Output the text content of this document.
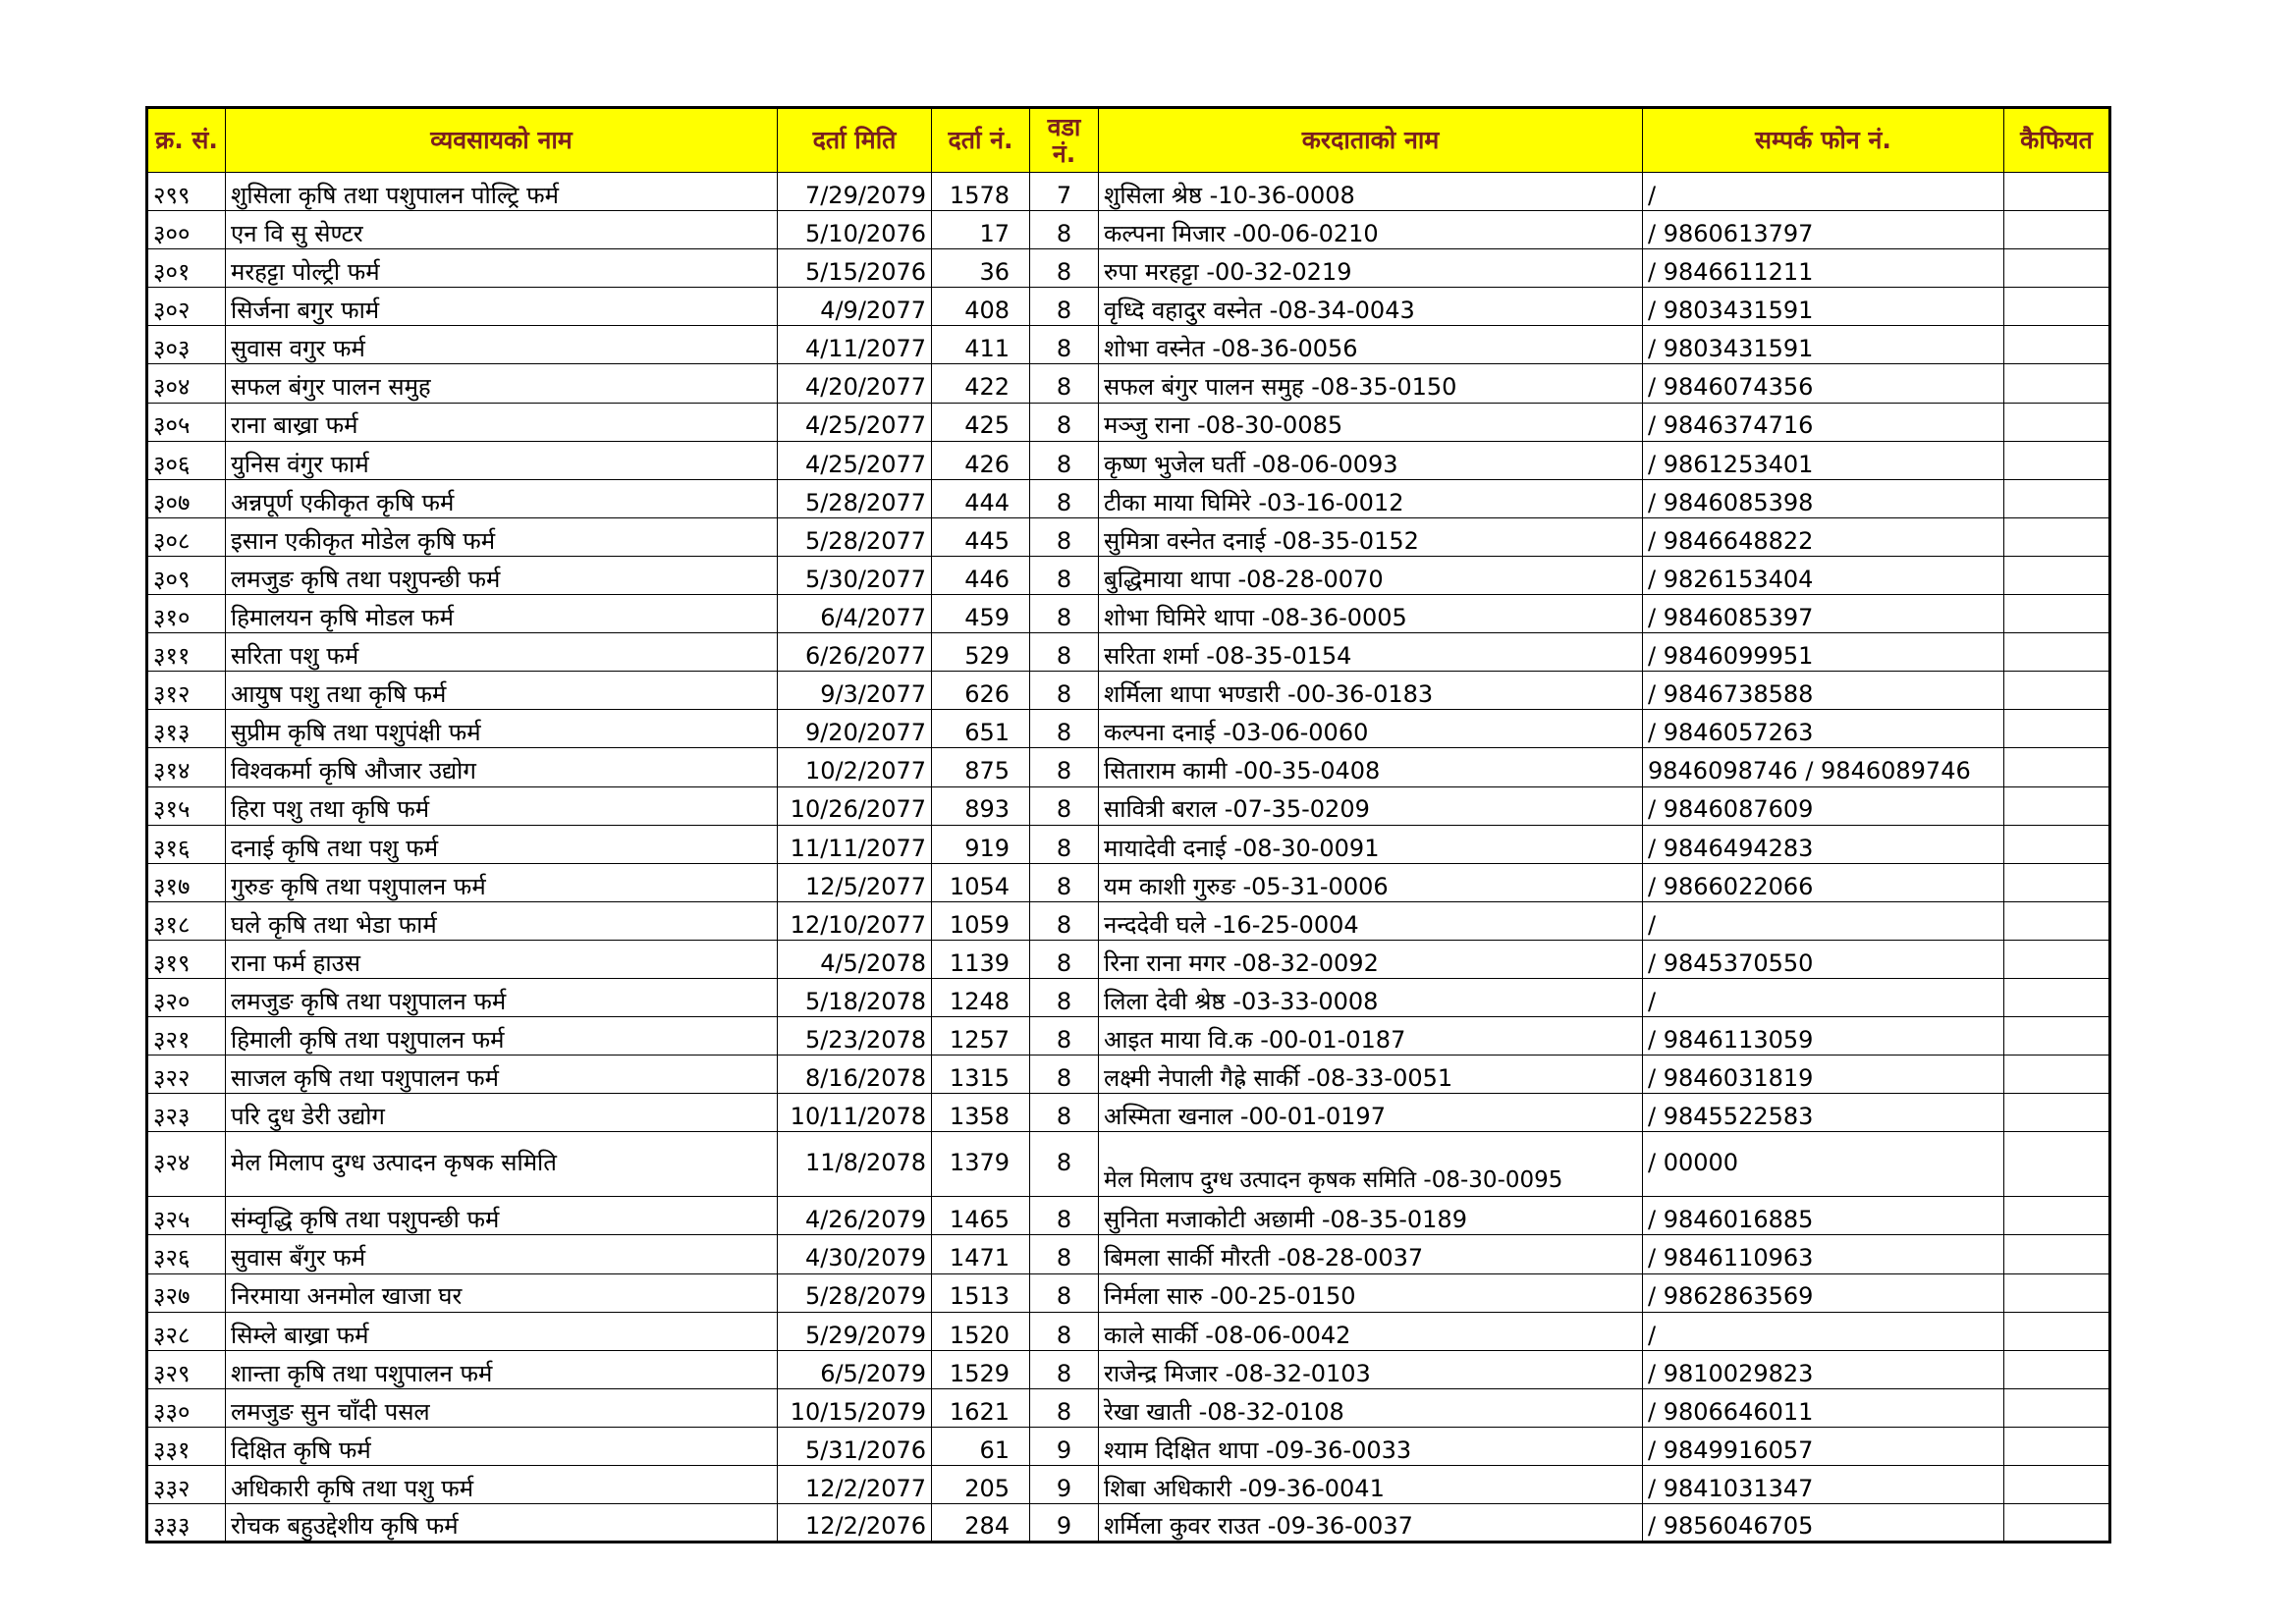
क्र. सं.	व्यवसायको नाम	दर्ता मिति	दर्ता नं.	वडा नं.	करदाताको नाम	सम्पर्क फोन नं.	कैफियत
२९९	शुसिला कृषि तथा पशुपालन पोल्ट्रि फर्म	7/29/2079	1578	7	शुसिला श्रेष्ठ -10-36-0008	/	
३००	एन वि सु सेण्टर	5/10/2076	17	8	कल्पना मिजार -00-06-0210	/ 9860613797	
३०१	मरहट्टा पोल्ट्री फर्म	5/15/2076	36	8	रुपा मरहट्टा -00-32-0219	/ 9846611211	
३०२	सिर्जना बगुर फार्म	4/9/2077	408	8	वृध्दि वहादुर वस्नेत -08-34-0043	/ 9803431591	
३०३	सुवास वगुर फर्म	4/11/2077	411	8	शोभा वस्नेत -08-36-0056	/ 9803431591	
३०४	सफल बंगुर पालन समुह	4/20/2077	422	8	सफल बंगुर पालन समुह -08-35-0150	/ 9846074356	
३०५	राना बाख्रा फर्म	4/25/2077	425	8	मञ्जु राना -08-30-0085	/ 9846374716	
३०६	युनिस वंगुर फार्म	4/25/2077	426	8	कृष्ण भुजेल घर्ती -08-06-0093	/ 9861253401	
३०७	अन्नपूर्ण एकीकृत कृषि फर्म	5/28/2077	444	8	टीका माया घिमिरे -03-16-0012	/ 9846085398	
३०८	इसान एकीकृत मोडेल कृषि फर्म	5/28/2077	445	8	सुमित्रा वस्नेत दनाई -08-35-0152	/ 9846648822	
३०९	लमजुङ कृषि तथा पशुपन्छी फर्म	5/30/2077	446	8	बुद्धिमाया थापा -08-28-0070	/ 9826153404	
३१०	हिमालयन कृषि मोडल फर्म	6/4/2077	459	8	शोभा घिमिरे थापा -08-36-0005	/ 9846085397	
३११	सरिता पशु फर्म	6/26/2077	529	8	सरिता शर्मा -08-35-0154	/ 9846099951	
३१२	आयुष पशु तथा कृषि फर्म	9/3/2077	626	8	शर्मिला थापा भण्डारी -00-36-0183	/ 9846738588	
३१३	सुप्रीम कृषि तथा पशुपंक्षी फर्म	9/20/2077	651	8	कल्पना दनाई -03-06-0060	/ 9846057263	
३१४	विश्वकर्मा कृषि औजार उद्योग	10/2/2077	875	8	सिताराम कामी -00-35-0408	9846098746 / 9846089746	
३१५	हिरा पशु तथा कृषि फर्म	10/26/2077	893	8	सावित्री बराल -07-35-0209	/ 9846087609	
३१६	दनाई कृषि तथा पशु फर्म	11/11/2077	919	8	मायादेवी दनाई -08-30-0091	/ 9846494283	
३१७	गुरुङ कृषि तथा पशुपालन फर्म	12/5/2077	1054	8	यम काशी गुरुङ -05-31-0006	/ 9866022066	
३१८	घले कृषि तथा भेडा फार्म	12/10/2077	1059	8	नन्ददेवी घले -16-25-0004	/	
३१९	राना फर्म हाउस	4/5/2078	1139	8	रिना राना मगर -08-32-0092	/ 9845370550	
३२०	लमजुङ कृषि तथा पशुपालन फर्म	5/18/2078	1248	8	लिला देवी श्रेष्ठ -03-33-0008	/	
३२१	हिमाली कृषि तथा पशुपालन फर्म	5/23/2078	1257	8	आइत माया वि.क -00-01-0187	/ 9846113059	
३२२	साजल कृषि तथा पशुपालन फर्म	8/16/2078	1315	8	लक्ष्मी नेपाली गैह्रे सार्की -08-33-0051	/ 9846031819	
३२३	परि दुध डेरी उद्योग	10/11/2078	1358	8	अस्मिता खनाल -00-01-0197	/ 9845522583	
३२४	मेल मिलाप दुग्ध उत्पादन कृषक समिति	11/8/2078	1379	8	मेल मिलाप दुग्ध उत्पादन कृषक समिति -08-30-0095	/ 00000	
३२५	संम्वृद्धि कृषि तथा पशुपन्छी फर्म	4/26/2079	1465	8	सुनिता मजाकोटी अछामी -08-35-0189	/ 9846016885	
३२६	सुवास बँगुर फर्म	4/30/2079	1471	8	बिमला सार्की मौरती -08-28-0037	/ 9846110963	
३२७	निरमाया अनमोल खाजा घर	5/28/2079	1513	8	निर्मला सारु -00-25-0150	/ 9862863569	
३२८	सिम्ले बाख्रा फर्म	5/29/2079	1520	8	काले सार्की -08-06-0042	/	
३२९	शान्ता कृषि तथा पशुपालन फर्म	6/5/2079	1529	8	राजेन्द्र मिजार -08-32-0103	/ 9810029823	
३३०	लमजुङ सुन चाँदी पसल	10/15/2079	1621	8	रेखा खाती -08-32-0108	/ 9806646011	
३३१	दिक्षित कृषि फर्म	5/31/2076	61	9	श्याम दिक्षित थापा -09-36-0033	/ 9849916057	
३३२	अधिकारी कृषि तथा पशु फर्म	12/2/2077	205	9	शिबा अधिकारी -09-36-0041	/ 9841031347	
३३३	रोचक बहुउद्देशीय कृषि फर्म	12/2/2076	284	9	शर्मिला कुवर राउत -09-36-0037	/ 9856046705	
